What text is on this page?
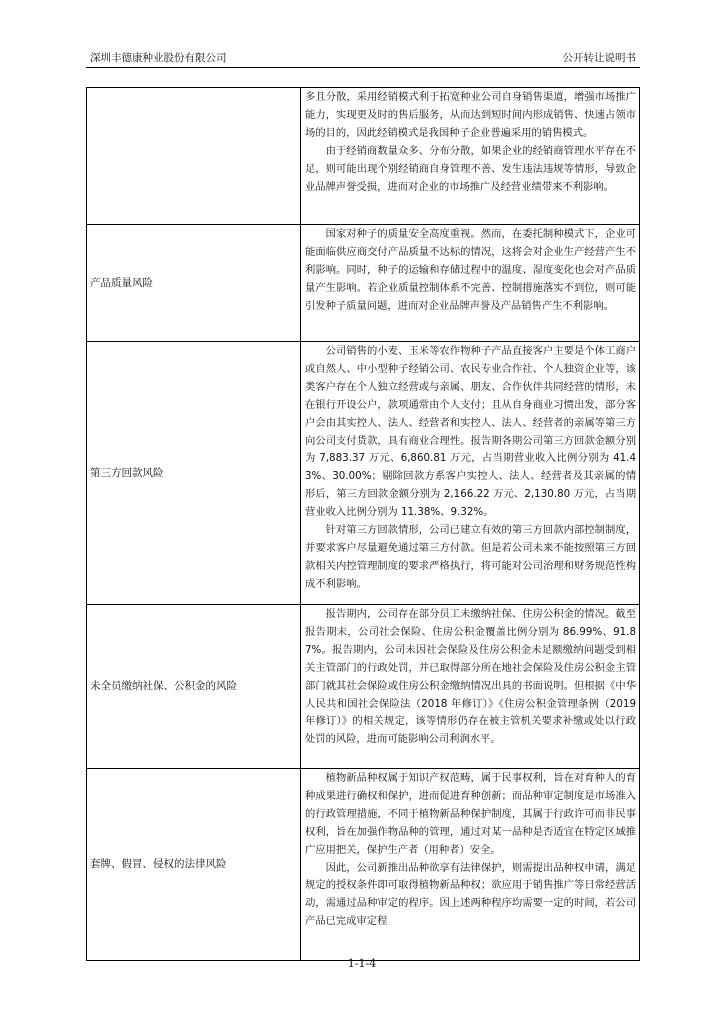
深圳丰德康种业股份有限公司	公开转让说明书

	多且分散，采用经销模式利于拓宽种业公司自身销售渠道，增强市场推广能力，实现更及时的售后服务，从而达到短时间内形成销售、快速占领市场的目的，因此经销模式是我国种子企业普遍采用的销售模式。

由于经销商数量众多、分布分散，如果企业的经销商管理水平存在不足，则可能出现个别经销商自身管理不善、发生违法违规等情形，导致企业品牌声誉受损，进而对企业的市场推广及经营业绩带来不利影响。

产品质量风险	国家对种子的质量安全高度重视。然而，在委托制种模式下，企业可能面临供应商交付产品质量不达标的情况，这将会对企业生产经营产生不利影响。同时，种子的运输和存储过程中的温度、湿度变化也会对产品质量产生影响。若企业质量控制体系不完善、控制措施落实不到位，则可能引发种子质量问题，进而对企业品牌声誉及产品销售产生不利影响。

第三方回款风险	公司销售的小麦、玉米等农作物种子产品直接客户主要是个体工商户或自然人、中小型种子经销公司、农民专业合作社、个人独资企业等，该类客户存在个人独立经营或与亲属、朋友、合作伙伴共同经营的情形，未在银行开设公户，款项通常由个人支付；且从自身商业习惯出发，部分客户会由其实控人、法人、经营者和实控人、法人、经营者的亲属等第三方向公司支付货款，具有商业合理性。报告期各期公司第三方回款金额分别为 7,883.37 万元、6,860.81 万元，占当期营业收入比例分别为 41.43%、30.00%；剔除回款方系客户实控人、法人、经营者及其亲属的情形后，第三方回款金额分别为 2,166.22 万元、2,130.80 万元，占当期营业收入比例分别为 11.38%、9.32%。

针对第三方回款情形，公司已建立有效的第三方回款内部控制制度，并要求客户尽量避免通过第三方付款。但是若公司未来不能按照第三方回款相关内控管理制度的要求严格执行，将可能对公司治理和财务规范性构成不利影响。

未全员缴纳社保、公积金的风险	报告期内，公司存在部分员工未缴纳社保、住房公积金的情况。截至报告期末，公司社会保险、住房公积金覆盖比例分别为 86.99%、91.87%。报告期内，公司未因社会保险及住房公积金未足额缴纳问题受到相关主管部门的行政处罚，并已取得部分所在地社会保险及住房公积金主管部门就其社会保险或住房公积金缴纳情况出具的书面说明。但根据《中华人民共和国社会保险法（2018 年修订）》《住房公积金管理条例（2019 年修订）》的相关规定，该等情形仍存在被主管机关要求补缴或处以行政处罚的风险，进而可能影响公司利润水平。

套牌、假冒、侵权的法律风险	植物新品种权属于知识产权范畴，属于民事权利，旨在对育种人的育种成果进行确权和保护，进而促进育种创新；而品种审定制度是市场准入的行政管理措施，不同于植物新品种保护制度，其属于行政许可而非民事权利，旨在加强作物品种的管理，通过对某一品种是否适宜在特定区域推广应用把关，保护生产者（用种者）安全。

因此，公司新推出品种欲享有法律保护，则需提出品种权申请，满足规定的授权条件即可取得植物新品种权；欲应用于销售推广等日常经营活动，需通过品种审定的程序。因上述两种程序均需要一定的时间，若公司产品已完成审定程

1-1-4
